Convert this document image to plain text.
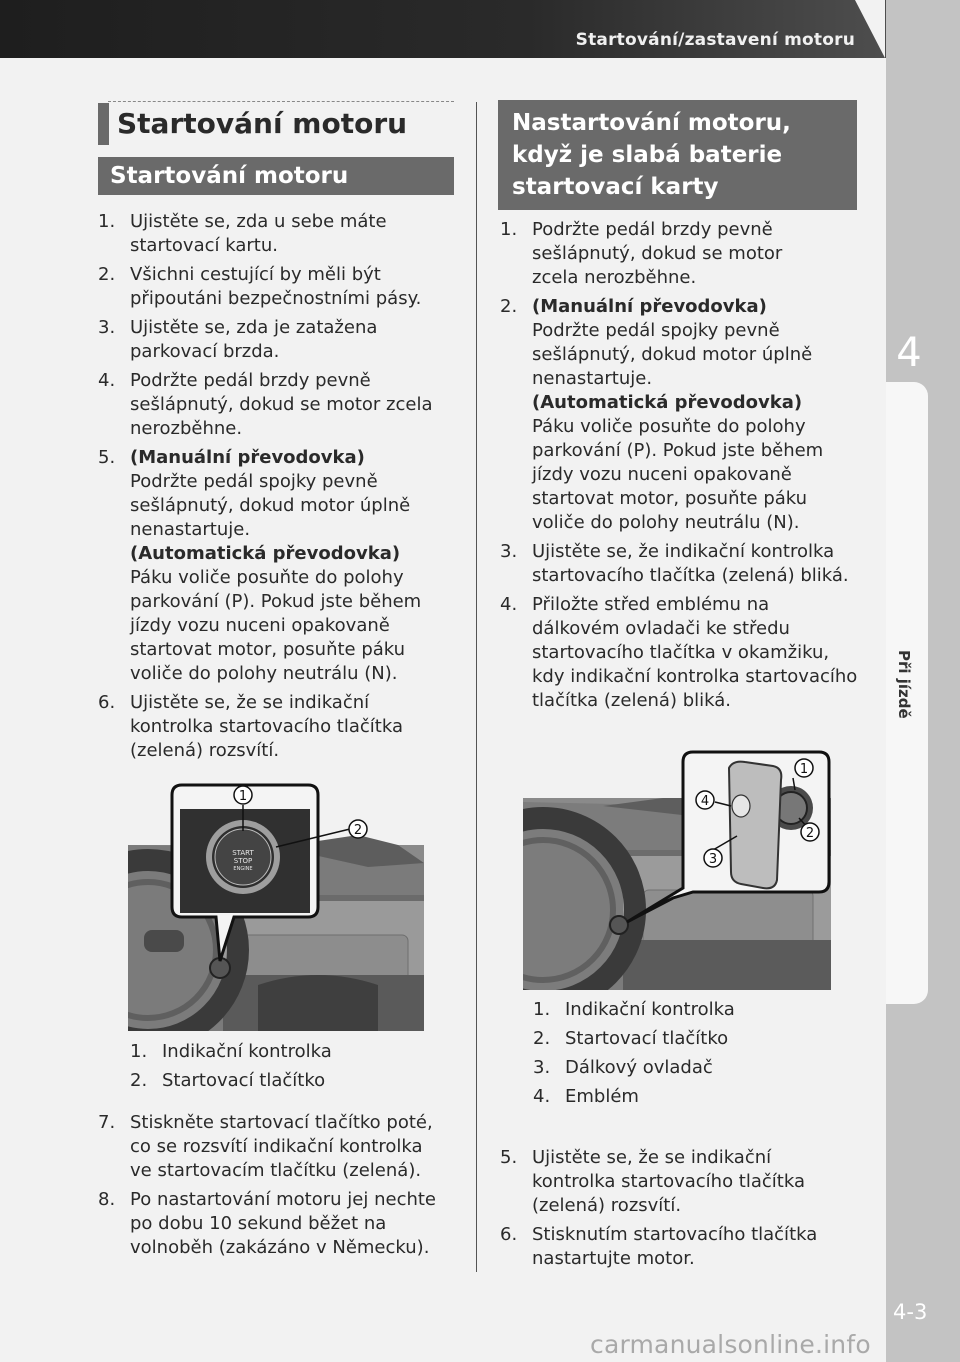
Startování/zastavení motoru
4
Při jízdě
4-3
Startování motoru
Startování motoru
1. Ujistěte se, zda u sebe máte
startovací kartu.
2. Všichni cestující by měli být
připoutáni bezpečnostními pásy.
3. Ujistěte se, zda je zatažena
parkovací brzda.
4. Podržte pedál brzdy pevně
sešlápnutý, dokud se motor zcela
nerozběhne.
5. (Manuální převodovka)
Podržte pedál spojky pevně
sešlápnutý, dokud motor úplně
nenastartuje.
(Automatická převodovka)
Páku voliče posuňte do polohy
parkování (P). Pokud jste během
jízdy vozu nuceni opakovaně
startovat motor, posuňte páku
voliče do polohy neutrálu (N).
6. Ujistěte se, že se indikační
kontrolka startovacího tlačítka
(zelená) rozsvítí.
START
STOP
ENGINE
1
2
1. Indikační kontrolka
2. Startovací tlačítko
7. Stiskněte startovací tlačítko poté,
co se rozsvítí indikační kontrolka
ve startovacím tlačítku (zelená).
8. Po nastartování motoru jej nechte
po dobu 10 sekund běžet na
volnoběh (zakázáno v Německu).
Nastartování motoru,
když je slabá baterie
startovací karty
1. Podržte pedál brzdy pevně
sešlápnutý, dokud se motor
zcela nerozběhne.
2. (Manuální převodovka)
Podržte pedál spojky pevně
sešlápnutý, dokud motor úplně
nenastartuje.
(Automatická převodovka)
Páku voliče posuňte do polohy
parkování (P). Pokud jste během
jízdy vozu nuceni opakovaně
startovat motor, posuňte páku
voliče do polohy neutrálu (N).
3. Ujistěte se, že indikační kontrolka
startovacího tlačítka (zelená) bliká.
4. Přiložte střed emblému na
dálkovém ovladači ke středu
startovacího tlačítka v okamžiku,
kdy indikační kontrolka startovacího
tlačítka (zelená) bliká.
1
2
3
4
1. Indikační kontrolka
2. Startovací tlačítko
3. Dálkový ovladač
4. Emblém
5. Ujistěte se, že se indikační
kontrolka startovacího tlačítka
(zelená) rozsvítí.
6. Stisknutím startovacího tlačítka
nastartujte motor.
carmanualsonline.info
